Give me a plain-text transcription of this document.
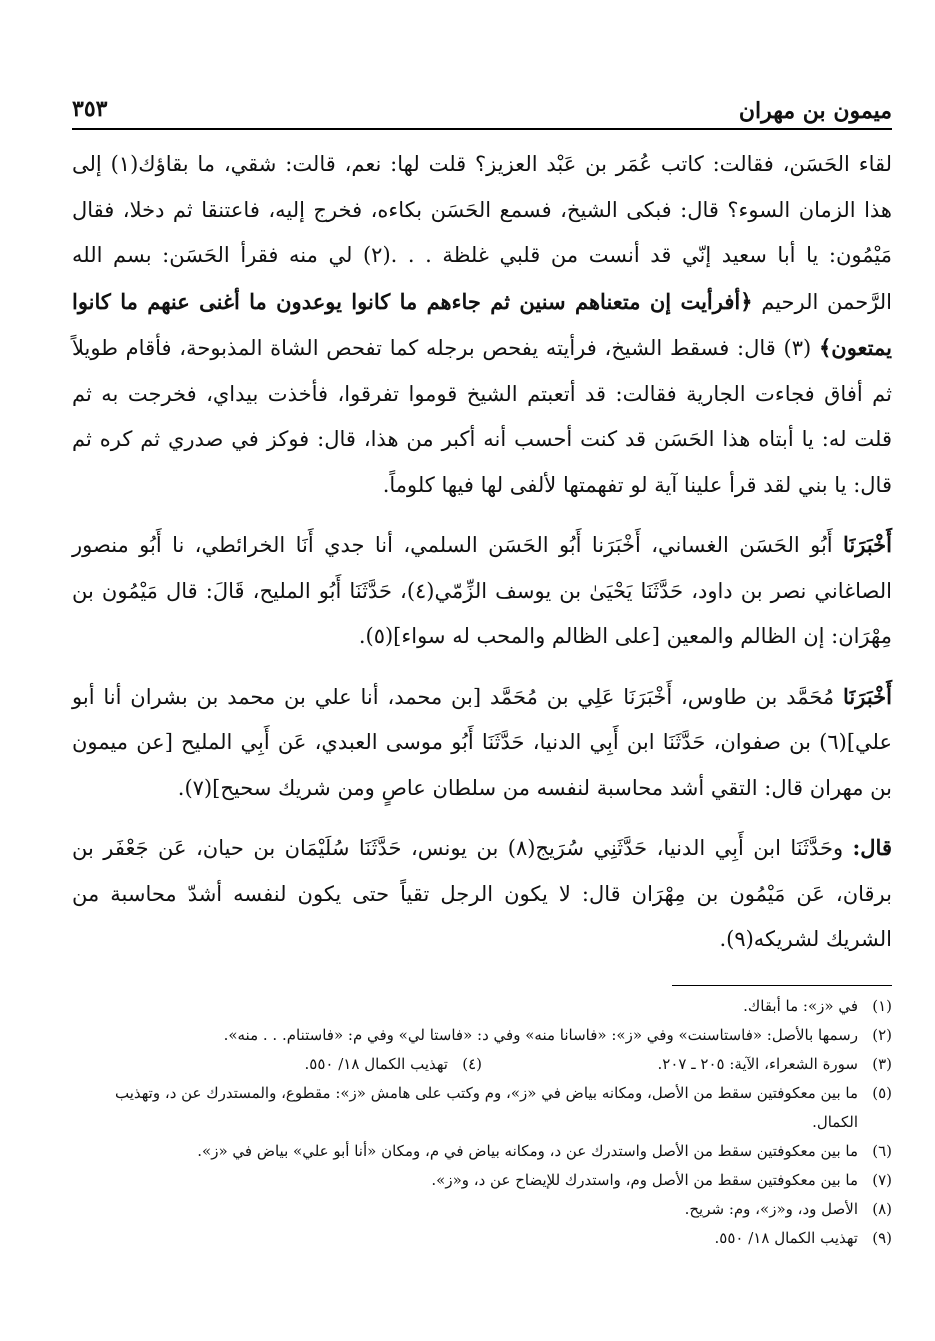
ميمون بن مهران
٣٥٣

لقاء الحَسَن، فقالت: كاتب عُمَر بن عَبْد العزيز؟ قلت لها: نعم، قالت: شقي، ما بقاؤك(١) إلى هذا الزمان السوء؟ قال: فبكى الشيخ، فسمع الحَسَن بكاءه، فخرج إليه، فاعتنقا ثم دخلا، فقال مَيْمُون: يا أبا سعيد إنّي قد أنست من قلبي غلظة . . .(٢) لي منه فقرأ الحَسَن: بسم الله الرَّحمن الرحيم ﴿أفرأيت إن متعناهم سنين ثم جاءهم ما كانوا يوعدون ما أغنى عنهم ما كانوا يمتعون﴾ (٣) قال: فسقط الشيخ، فرأيته يفحص برجله كما تفحص الشاة المذبوحة، فأقام طويلاً ثم أفاق فجاءت الجارية فقالت: قد أتعبتم الشيخ قوموا تفرقوا، فأخذت بيداي، فخرجت به ثم قلت له: يا أبتاه هذا الحَسَن قد كنت أحسب أنه أكبر من هذا، قال: فوكز في صدري ثم كره ثم قال: يا بني لقد قرأ علينا آية لو تفهمتها لألفى لها فيها كلوماً.

أَخْبَرَنَا أَبُو الحَسَن الغساني، أَخْبَرَنا أَبُو الحَسَن السلمي، أنا جدي أَنَا الخرائطي، نا أَبُو منصور الصاغاني نصر بن داود، حَدَّثَنَا يَحْيَىٰ بن يوسف الزِّمّي(٤)، حَدَّثَنَا أَبُو المليح، قَالَ: قال مَيْمُون بن مِهْرَان: إن الظالم والمعين [على الظالم والمحب له سواء](٥).

أَخْبَرَنَا مُحَمَّد بن طاوس، أَخْبَرَنَا عَلِي بن مُحَمَّد [بن محمد، أنا علي بن محمد بن بشران أنا أبو علي](٦) بن صفوان، حَدَّثَنَا ابن أَبِي الدنيا، حَدَّثَنَا أَبُو موسى العبدي، عَن أَبِي المليح [عن ميمون بن مهران قال: التقي أشد محاسبة لنفسه من سلطان عاصٍ ومن شريك سحيح](٧).

قال: وحَدَّثَنَا ابن أَبِي الدنيا، حَدَّثَنِي سُرَيج(٨) بن يونس، حَدَّثَنَا سُلَيْمَان بن حيان، عَن جَعْفَر بن برقان، عَن مَيْمُون بن مِهْرَان قال: لا يكون الرجل تقياً حتى يكون لنفسه أشدّ محاسبة من الشريك لشريكه(٩).

(١)
في «ز»: ما أبقاك.
(٢)
رسمها بالأصل: «فاستاسنت» وفي «ز»: «فاسانا منه» وفي د: «فاستا لي» وفي م: «فاستنام. . . منه».
(٣)
سورة الشعراء، الآية: ٢٠٥ ـ ٢٠٧.
(٤)
تهذيب الكمال ١٨/ ٥٥٠.
(٥)
ما بين معكوفتين سقط من الأصل، ومكانه بياض في «ز»، وم وكتب على هامش «ز»: مقطوع، والمستدرك عن د، وتهذيب الكمال.
(٦)
ما بين معكوفتين سقط من الأصل واستدرك عن د، ومكانه بياض في م، ومكان «أنا أبو علي» بياض في «ز».
(٧)
ما بين معكوفتين سقط من الأصل وم، واستدرك للإيضاح عن د، و«ز».
(٨)
الأصل ود، و«ز»، وم: شريح.
(٩)
تهذيب الكمال ١٨/ ٥٥٠.
